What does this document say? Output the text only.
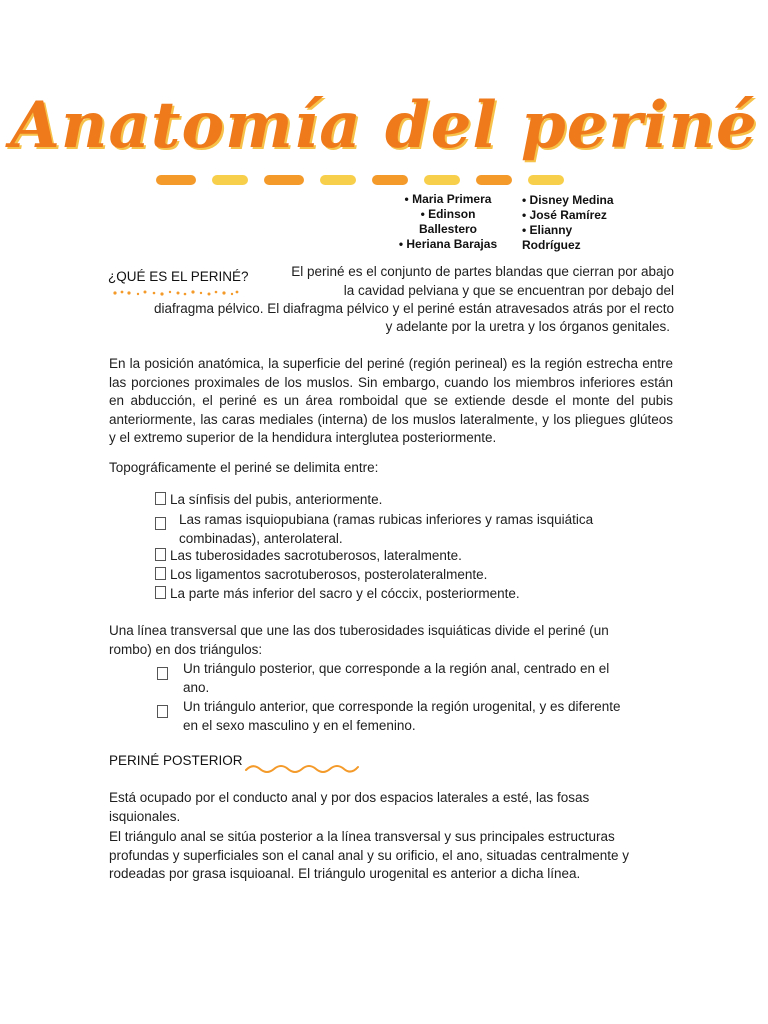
Anatomía del periné
• Maria Primera
• Edinson
Ballestero
• Heriana Barajas
• Disney Medina
• José Ramírez
• Elianny
Rodríguez
¿QUÉ ES EL PERINÉ?	El periné es el conjunto de partes blandas que cierran por abajo

la cavidad pelviana y que se encuentran por debajo del

diafragma pélvico. El diafragma pélvico y el periné están atravesados atrás por el recto

y adelante por la uretra y los órganos genitales.

En la posición anatómica, la superficie del periné (región perineal) es la región estrecha entre las porciones proximales de los muslos. Sin embargo, cuando los miembros inferiores están en abducción, el periné es un área romboidal que se extiende desde el monte del pubis anteriormente, las caras mediales (interna) de los muslos lateralmente, y los pliegues glúteos y el extremo superior de la hendidura interglutea posteriormente.

Topográficamente el periné se delimita entre:

La sínfisis del pubis, anteriormente.
Las ramas isquiopubiana (ramas rubicas inferiores y ramas isquiática combinadas), anterolateral.
Las tuberosidades sacrotuberosos, lateralmente.
Los ligamentos sacrotuberosos, posterolateralmente.
La parte más inferior del sacro y el cóccix, posteriormente.

Una línea transversal que une las dos tuberosidades isquiáticas divide el periné (un rombo) en dos triángulos:

Un triángulo posterior, que corresponde a la región anal, centrado en el ano.
Un triángulo anterior, que corresponde la región urogenital, y es diferente en el sexo masculino y en el femenino.
PERINÉ POSTERIOR

Está ocupado por el conducto anal y por dos espacios laterales a esté, las fosas isquionales.

El triángulo anal se sitúa posterior a la línea transversal y sus principales estructuras profundas y superficiales son el canal anal y su orificio, el ano, situadas centralmente y rodeadas por grasa isquioanal. El triángulo urogenital es anterior a dicha línea.
